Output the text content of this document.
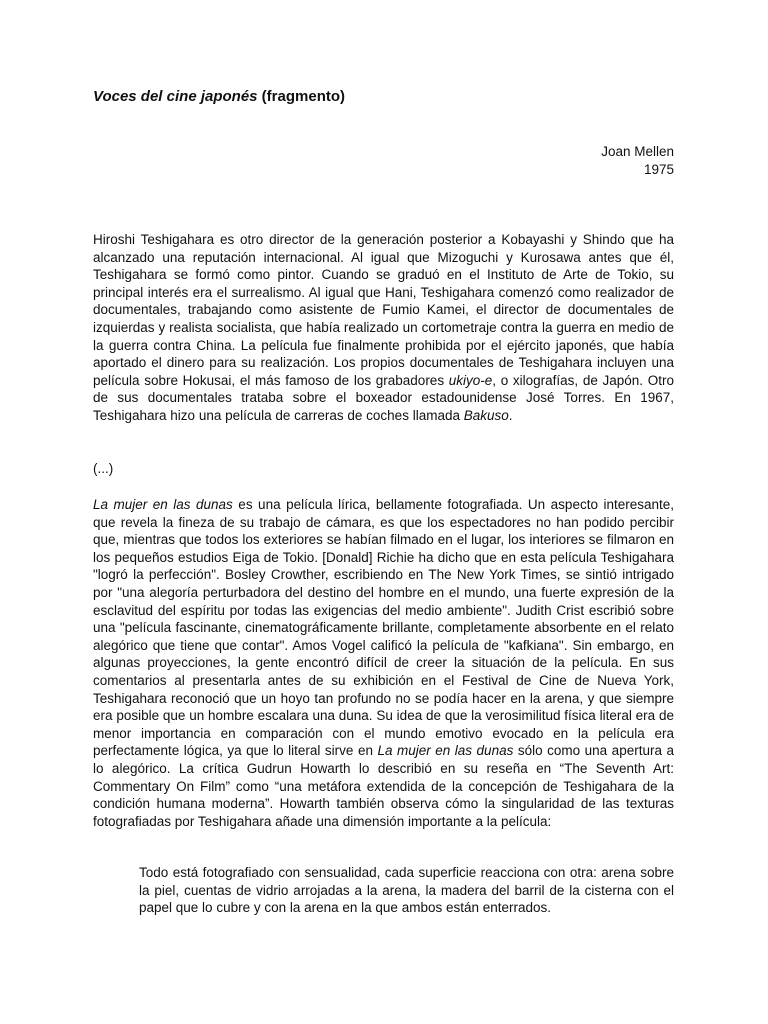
Voces del cine japonés (fragmento)
Joan Mellen
1975
Hiroshi Teshigahara es otro director de la generación posterior a Kobayashi y Shindo que ha alcanzado una reputación internacional. Al igual que Mizoguchi y Kurosawa antes que él, Teshigahara se formó como pintor. Cuando se graduó en el Instituto de Arte de Tokio, su principal interés era el surrealismo. Al igual que Hani, Teshigahara comenzó como realizador de documentales, trabajando como asistente de Fumio Kamei, el director de documentales de izquierdas y realista socialista, que había realizado un cortometraje contra la guerra en medio de la guerra contra China. La película fue finalmente prohibida por el ejército japonés, que había aportado el dinero para su realización. Los propios documentales de Teshigahara incluyen una película sobre Hokusai, el más famoso de los grabadores ukiyo-e, o xilografías, de Japón. Otro de sus documentales trataba sobre el boxeador estadounidense José Torres. En 1967, Teshigahara hizo una película de carreras de coches llamada Bakuso.
(...)
La mujer en las dunas es una película lírica, bellamente fotografiada. Un aspecto interesante, que revela la fineza de su trabajo de cámara, es que los espectadores no han podido percibir que, mientras que todos los exteriores se habían filmado en el lugar, los interiores se filmaron en los pequeños estudios Eiga de Tokio. [Donald] Richie ha dicho que en esta película Teshigahara "logró la perfección". Bosley Crowther, escribiendo en The New York Times, se sintió intrigado por "una alegoría perturbadora del destino del hombre en el mundo, una fuerte expresión de la esclavitud del espíritu por todas las exigencias del medio ambiente". Judith Crist escribió sobre una "película fascinante, cinematográficamente brillante, completamente absorbente en el relato alegórico que tiene que contar". Amos Vogel calificó la película de "kafkiana". Sin embargo, en algunas proyecciones, la gente encontró difícil de creer la situación de la película. En sus comentarios al presentarla antes de su exhibición en el Festival de Cine de Nueva York, Teshigahara reconoció que un hoyo tan profundo no se podía hacer en la arena, y que siempre era posible que un hombre escalara una duna. Su idea de que la verosimilitud física literal era de menor importancia en comparación con el mundo emotivo evocado en la película era perfectamente lógica, ya que lo literal sirve en La mujer en las dunas sólo como una apertura a lo alegórico. La crítica Gudrun Howarth lo describió en su reseña en “The Seventh Art: Commentary On Film” como “una metáfora extendida de la concepción de Teshigahara de la condición humana moderna”. Howarth también observa cómo la singularidad de las texturas fotografiadas por Teshigahara añade una dimensión importante a la película:
Todo está fotografiado con sensualidad, cada superficie reacciona con otra: arena sobre la piel, cuentas de vidrio arrojadas a la arena, la madera del barril de la cisterna con el papel que lo cubre y con la arena en la que ambos están enterrados.
